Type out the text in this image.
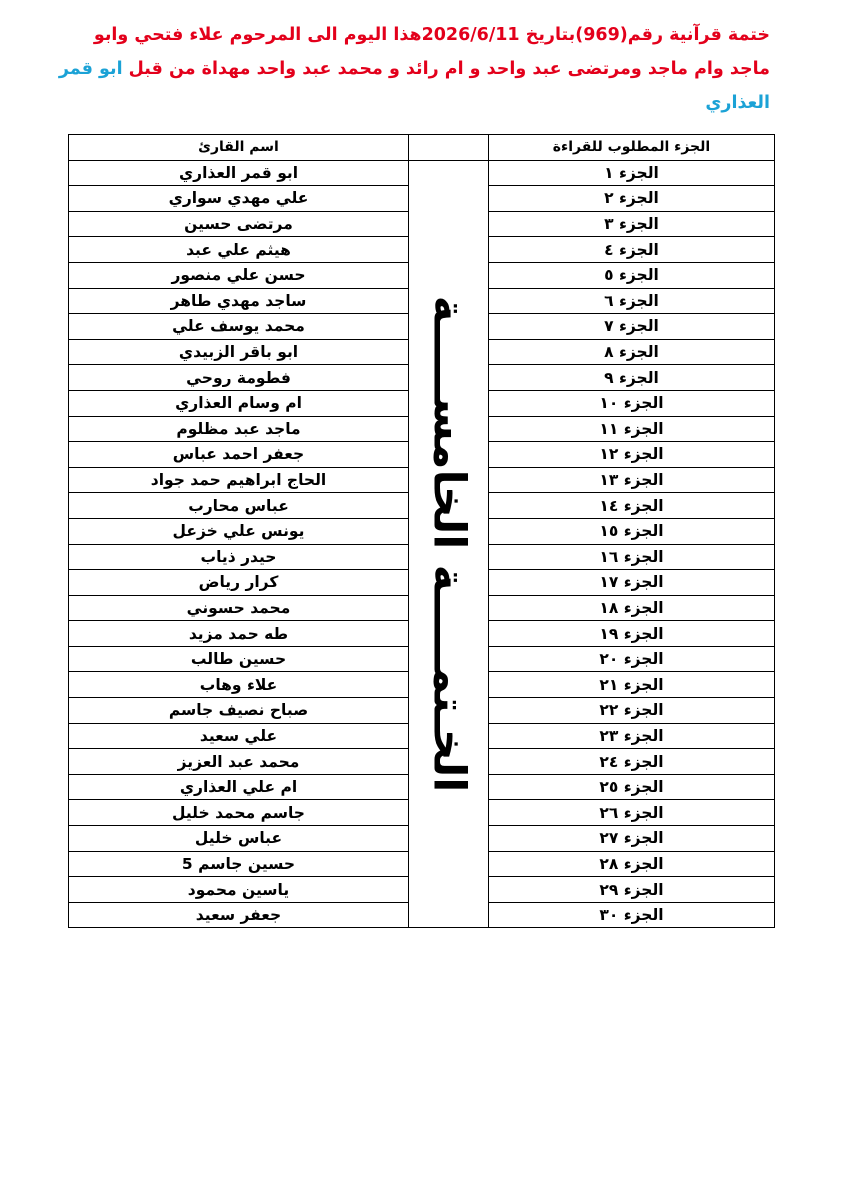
ختمة قرآنية رقم(969)بتاريخ 2026/6/11هذا اليوم الى المرحوم علاء فتحي وابو ماجد وام ماجد ومرتضى عبد واحد و ام رائد و محمد عبد واحد مهداة من قبل ابو قمر العذاري
الجزء المطلوب للقراءة		اسم القارئ
الجزء ١	الخـتمـــــة الخامســـــة	ابو قمر العذاري
الجزء ٢		علي مهدي سواري
الجزء ٣		مرتضى حسين
الجزء ٤		هيثم علي عبد
الجزء ٥		حسن علي منصور
الجزء ٦		ساجد مهدي طاهر
الجزء ٧		محمد يوسف علي
الجزء ٨		ابو باقر الزبيدي
الجزء ٩		فطومة روحي
الجزء ١٠		ام وسام العذاري
الجزء ١١		ماجد عبد مظلوم
الجزء ١٢		جعفر احمد عباس
الجزء ١٣		الحاج ابراهيم حمد جواد
الجزء ١٤		عباس محارب
الجزء ١٥		يونس علي خزعل
الجزء ١٦		حيدر ذياب
الجزء ١٧		كرار رياض
الجزء ١٨		محمد حسوني
الجزء ١٩		طه حمد مزيد
الجزء ٢٠		حسين طالب
الجزء ٢١		علاء وهاب
الجزء ٢٢		صباح نصيف جاسم
الجزء ٢٣		علي سعيد
الجزء ٢٤		محمد عبد العزيز
الجزء ٢٥		ام علي العذاري
الجزء ٢٦		جاسم محمد خليل
الجزء ٢٧		عباس خليل
الجزء ٢٨		حسين جاسم 5
الجزء ٢٩		ياسين محمود
الجزء ٣٠		جعفر سعيد
